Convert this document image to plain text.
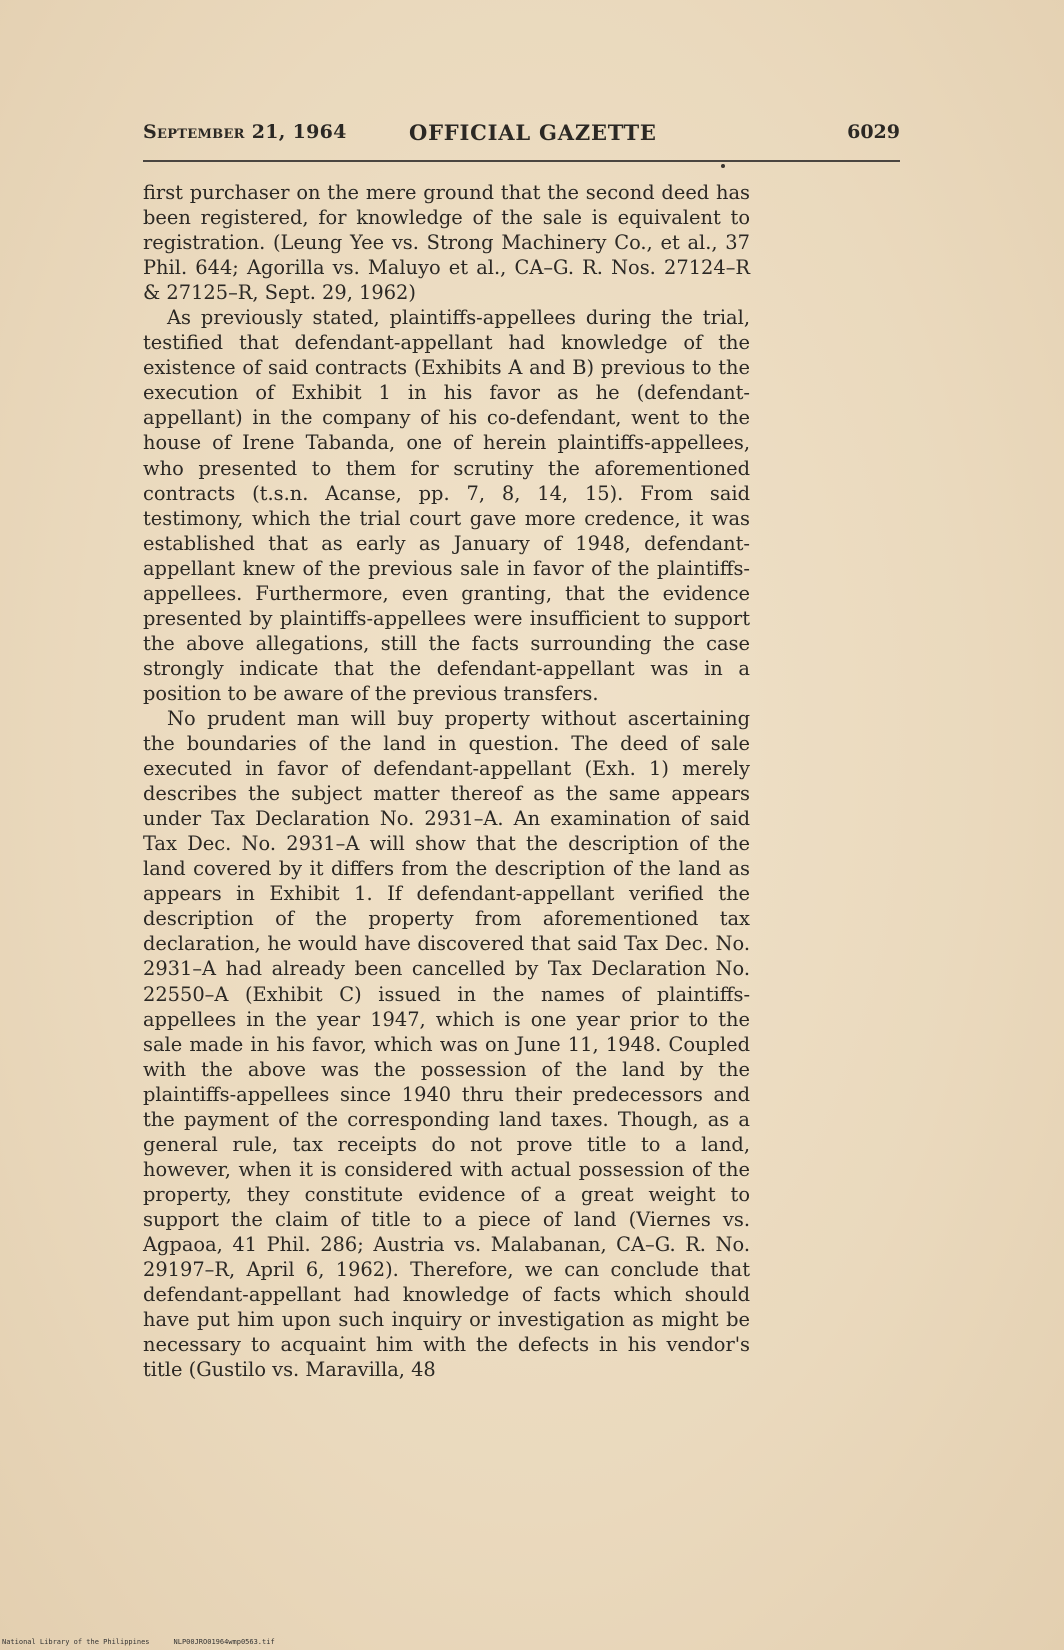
September 21, 1964	OFFICIAL GAZETTE	6029

first purchaser on the mere ground that the second deed has been registered, for knowledge of the sale is equivalent to registration. (Leung Yee vs. Strong Machinery Co., et al., 37 Phil. 644; Agorilla vs. Maluyo et al., CA–G. R. Nos. 27124–R & 27125–R, Sept. 29, 1962)

As previously stated, plaintiffs-appellees during the trial, testified that defendant-appellant had knowledge of the existence of said contracts (Exhibits A and B) previous to the execution of Exhibit 1 in his favor as he (defendant-appellant) in the company of his co-defendant, went to the house of Irene Tabanda, one of herein plaintiffs-appellees, who presented to them for scrutiny the aforementioned contracts (t.s.n. Acanse, pp. 7, 8, 14, 15). From said testimony, which the trial court gave more credence, it was established that as early as January of 1948, defendant-appellant knew of the previous sale in favor of the plaintiffs-appellees. Furthermore, even granting, that the evidence presented by plaintiffs-appellees were insufficient to support the above allegations, still the facts surrounding the case strongly indicate that the defendant-appellant was in a position to be aware of the previous transfers.

No prudent man will buy property without ascertaining the boundaries of the land in question. The deed of sale executed in favor of defendant-appellant (Exh. 1) merely describes the subject matter thereof as the same appears under Tax Declaration No. 2931–A. An examination of said Tax Dec. No. 2931–A will show that the description of the land covered by it differs from the description of the land as appears in Exhibit 1. If defendant-appellant verified the description of the property from aforementioned tax declaration, he would have discovered that said Tax Dec. No. 2931–A had already been cancelled by Tax Declaration No. 22550–A (Exhibit C) issued in the names of plaintiffs-appellees in the year 1947, which is one year prior to the sale made in his favor, which was on June 11, 1948. Coupled with the above was the possession of the land by the plaintiffs-appellees since 1940 thru their predecessors and the payment of the corresponding land taxes. Though, as a general rule, tax receipts do not prove title to a land, however, when it is considered with actual possession of the property, they constitute evidence of a great weight to support the claim of title to a piece of land (Viernes vs. Agpaoa, 41 Phil. 286; Austria vs. Malabanan, CA–G. R. No. 29197–R, April 6, 1962). Therefore, we can conclude that defendant-appellant had knowledge of facts which should have put him upon such inquiry or investigation as might be necessary to acquaint him with the defects in his vendor's title (Gustilo vs. Maravilla, 48

National Library of the Philippines	NLP00JRO01964wmp0563.tif
